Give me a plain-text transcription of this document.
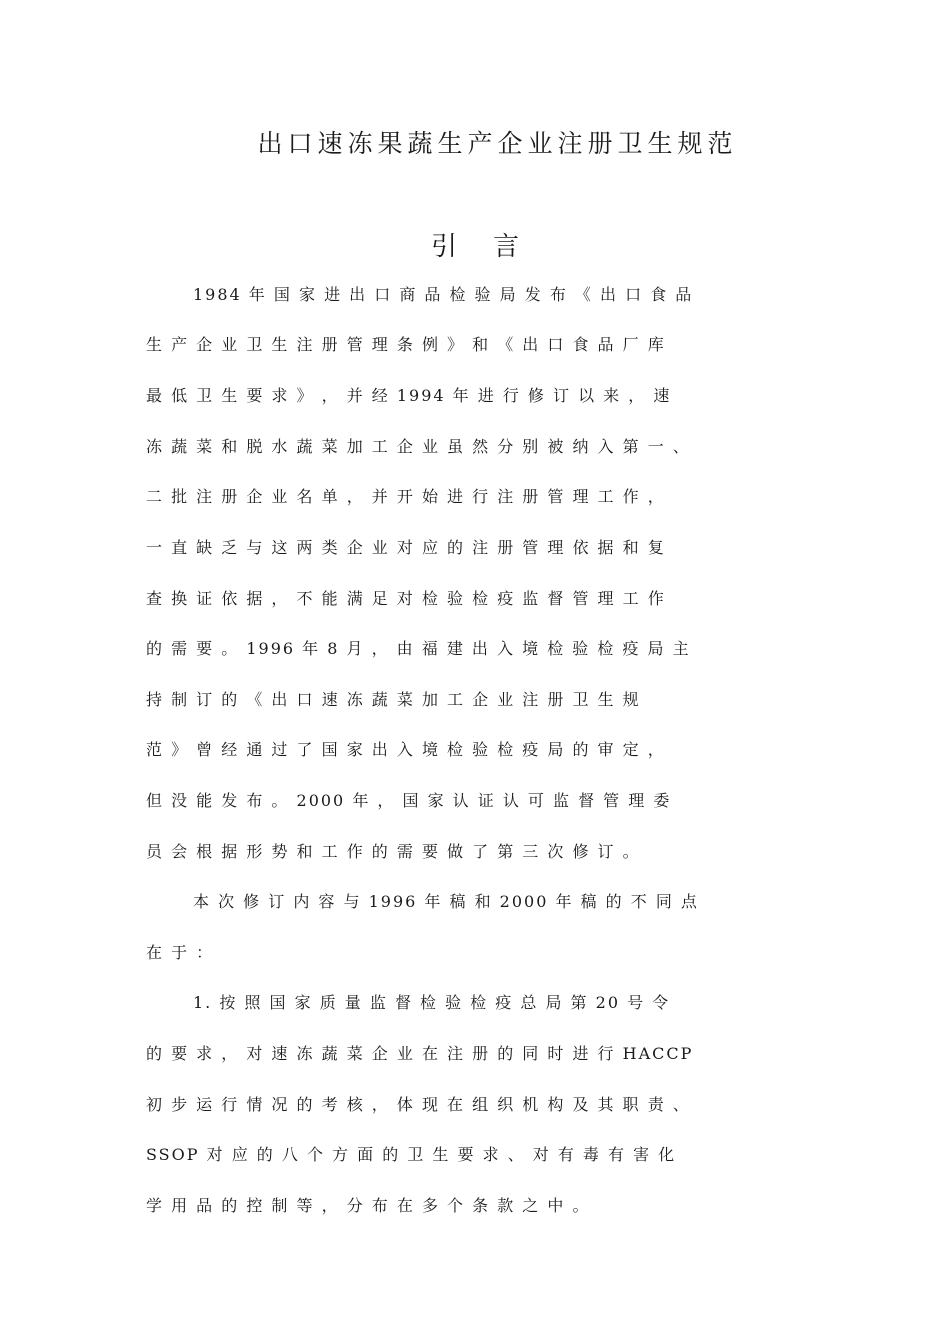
出口速冻果蔬生产企业注册卫生规范
引言
1984 年 国 家 进 出 口 商 品 检 验 局 发 布 《 出 口 食 品
生 产 企 业 卫 生 注 册 管 理 条 例 》 和 《 出 口 食 品 厂 库
最 低 卫 生 要 求 》 ， 并 经 1994 年 进 行 修 订 以 来 ， 速
冻 蔬 菜 和 脱 水 蔬 菜 加 工 企 业 虽 然 分 别 被 纳 入 第 一 、
二 批 注 册 企 业 名 单 ， 并 开 始 进 行 注 册 管 理 工 作 ，
一 直 缺 乏 与 这 两 类 企 业 对 应 的 注 册 管 理 依 据 和 复
查 换 证 依 据 ， 不 能 满 足 对 检 验 检 疫 监 督 管 理 工 作
的 需 要 。 1996 年 8 月 ， 由 福 建 出 入 境 检 验 检 疫 局 主
持 制 订 的 《 出 口 速 冻 蔬 菜 加 工 企 业 注 册 卫 生 规
范 》 曾 经 通 过 了 国 家 出 入 境 检 验 检 疫 局 的 审 定 ，
但 没 能 发 布 。 2000 年 ， 国 家 认 证 认 可 监 督 管 理 委
员 会 根 据 形 势 和 工 作 的 需 要 做 了 第 三 次 修 订 。
本 次 修 订 内 容 与 1996 年 稿 和 2000 年 稿 的 不 同 点
在 于 ：
1. 按 照 国 家 质 量 监 督 检 验 检 疫 总 局 第 20 号 令
的 要 求 ， 对 速 冻 蔬 菜 企 业 在 注 册 的 同 时 进 行 HACCP
初 步 运 行 情 况 的 考 核 ， 体 现 在 组 织 机 构 及 其 职 责 、
SSOP 对 应 的 八 个 方 面 的 卫 生 要 求 、 对 有 毒 有 害 化
学 用 品 的 控 制 等 ， 分 布 在 多 个 条 款 之 中 。
